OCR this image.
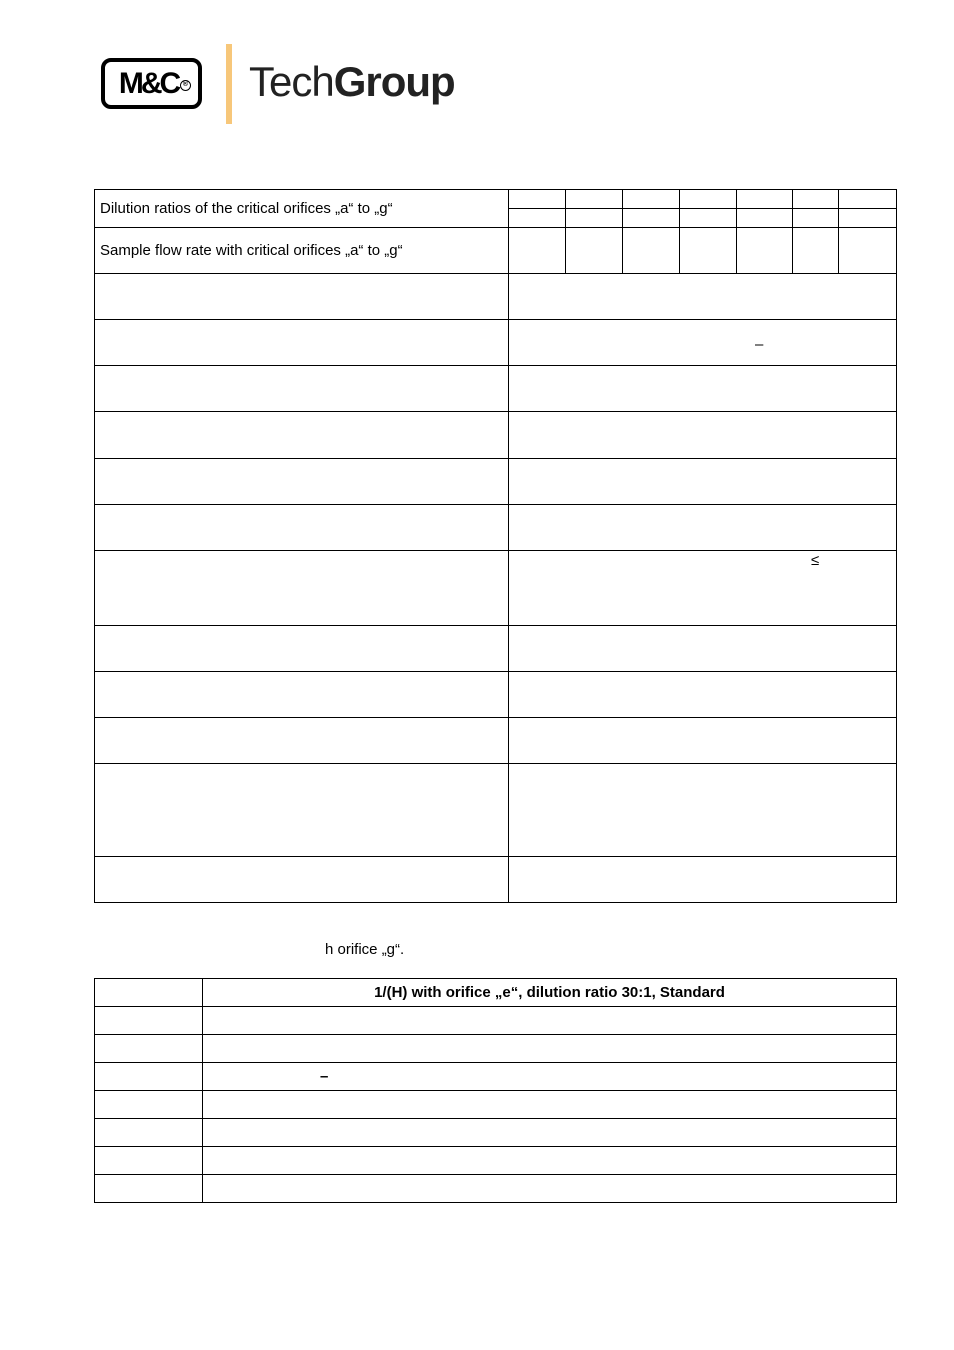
M&C ® TechGroup
Dilution ratios of the critical orifices „a“ to „g“							

Sample flow rate with critical orifices „a“ to „g“							

–
≤
h orifice „g“.
	1/(H) with orifice „e“, dilution ratio 30:1, Standard

–
